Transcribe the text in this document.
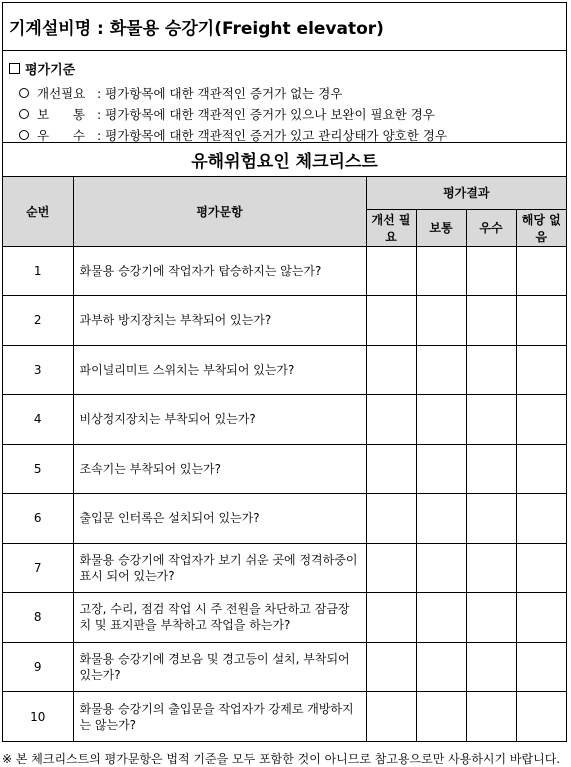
기계설비명 : 화물용 승강기(Freight elevator)
평가기준
개선필요 : 평가항목에 대한 객관적인 증거가 없는 경우
보      통 : 평가항목에 대한 객관적인 증거가 있으나 보완이 필요한 경우
우      수 : 평가항목에 대한 객관적인 증거가 있고 관리상태가 양호한 경우
유해위험요인 체크리스트
순번	평가문항	평가결과			
		개선 필요	보통	우수	해당 없음
1	화물용 승강기에 작업자가 탑승하지는 않는가?				
2	과부하 방지장치는 부착되어 있는가?				
3	파이널리미트 스위치는 부착되어 있는가?				
4	비상정지장치는 부착되어 있는가?				
5	조속기는 부착되어 있는가?				
6	출입문 인터록은 설치되어 있는가?				
7	화물용 승강기에 작업자가 보기 쉬운 곳에 정격하중이 표시 되어 있는가?				
8	고장, 수리, 점검 작업 시 주 전원을 차단하고 잠금장치 및 표지판을 부착하고 작업을 하는가?				
9	화물용 승강기에 경보음 및 경고등이 설치, 부착되어 있는가?				
10	화물용 승강기의 출입문을 작업자가 강제로 개방하지는 않는가?				
※ 본 체크리스트의 평가문항은 법적 기준을 모두 포함한 것이 아니므로 참고용으로만 사용하시기 바랍니다.
